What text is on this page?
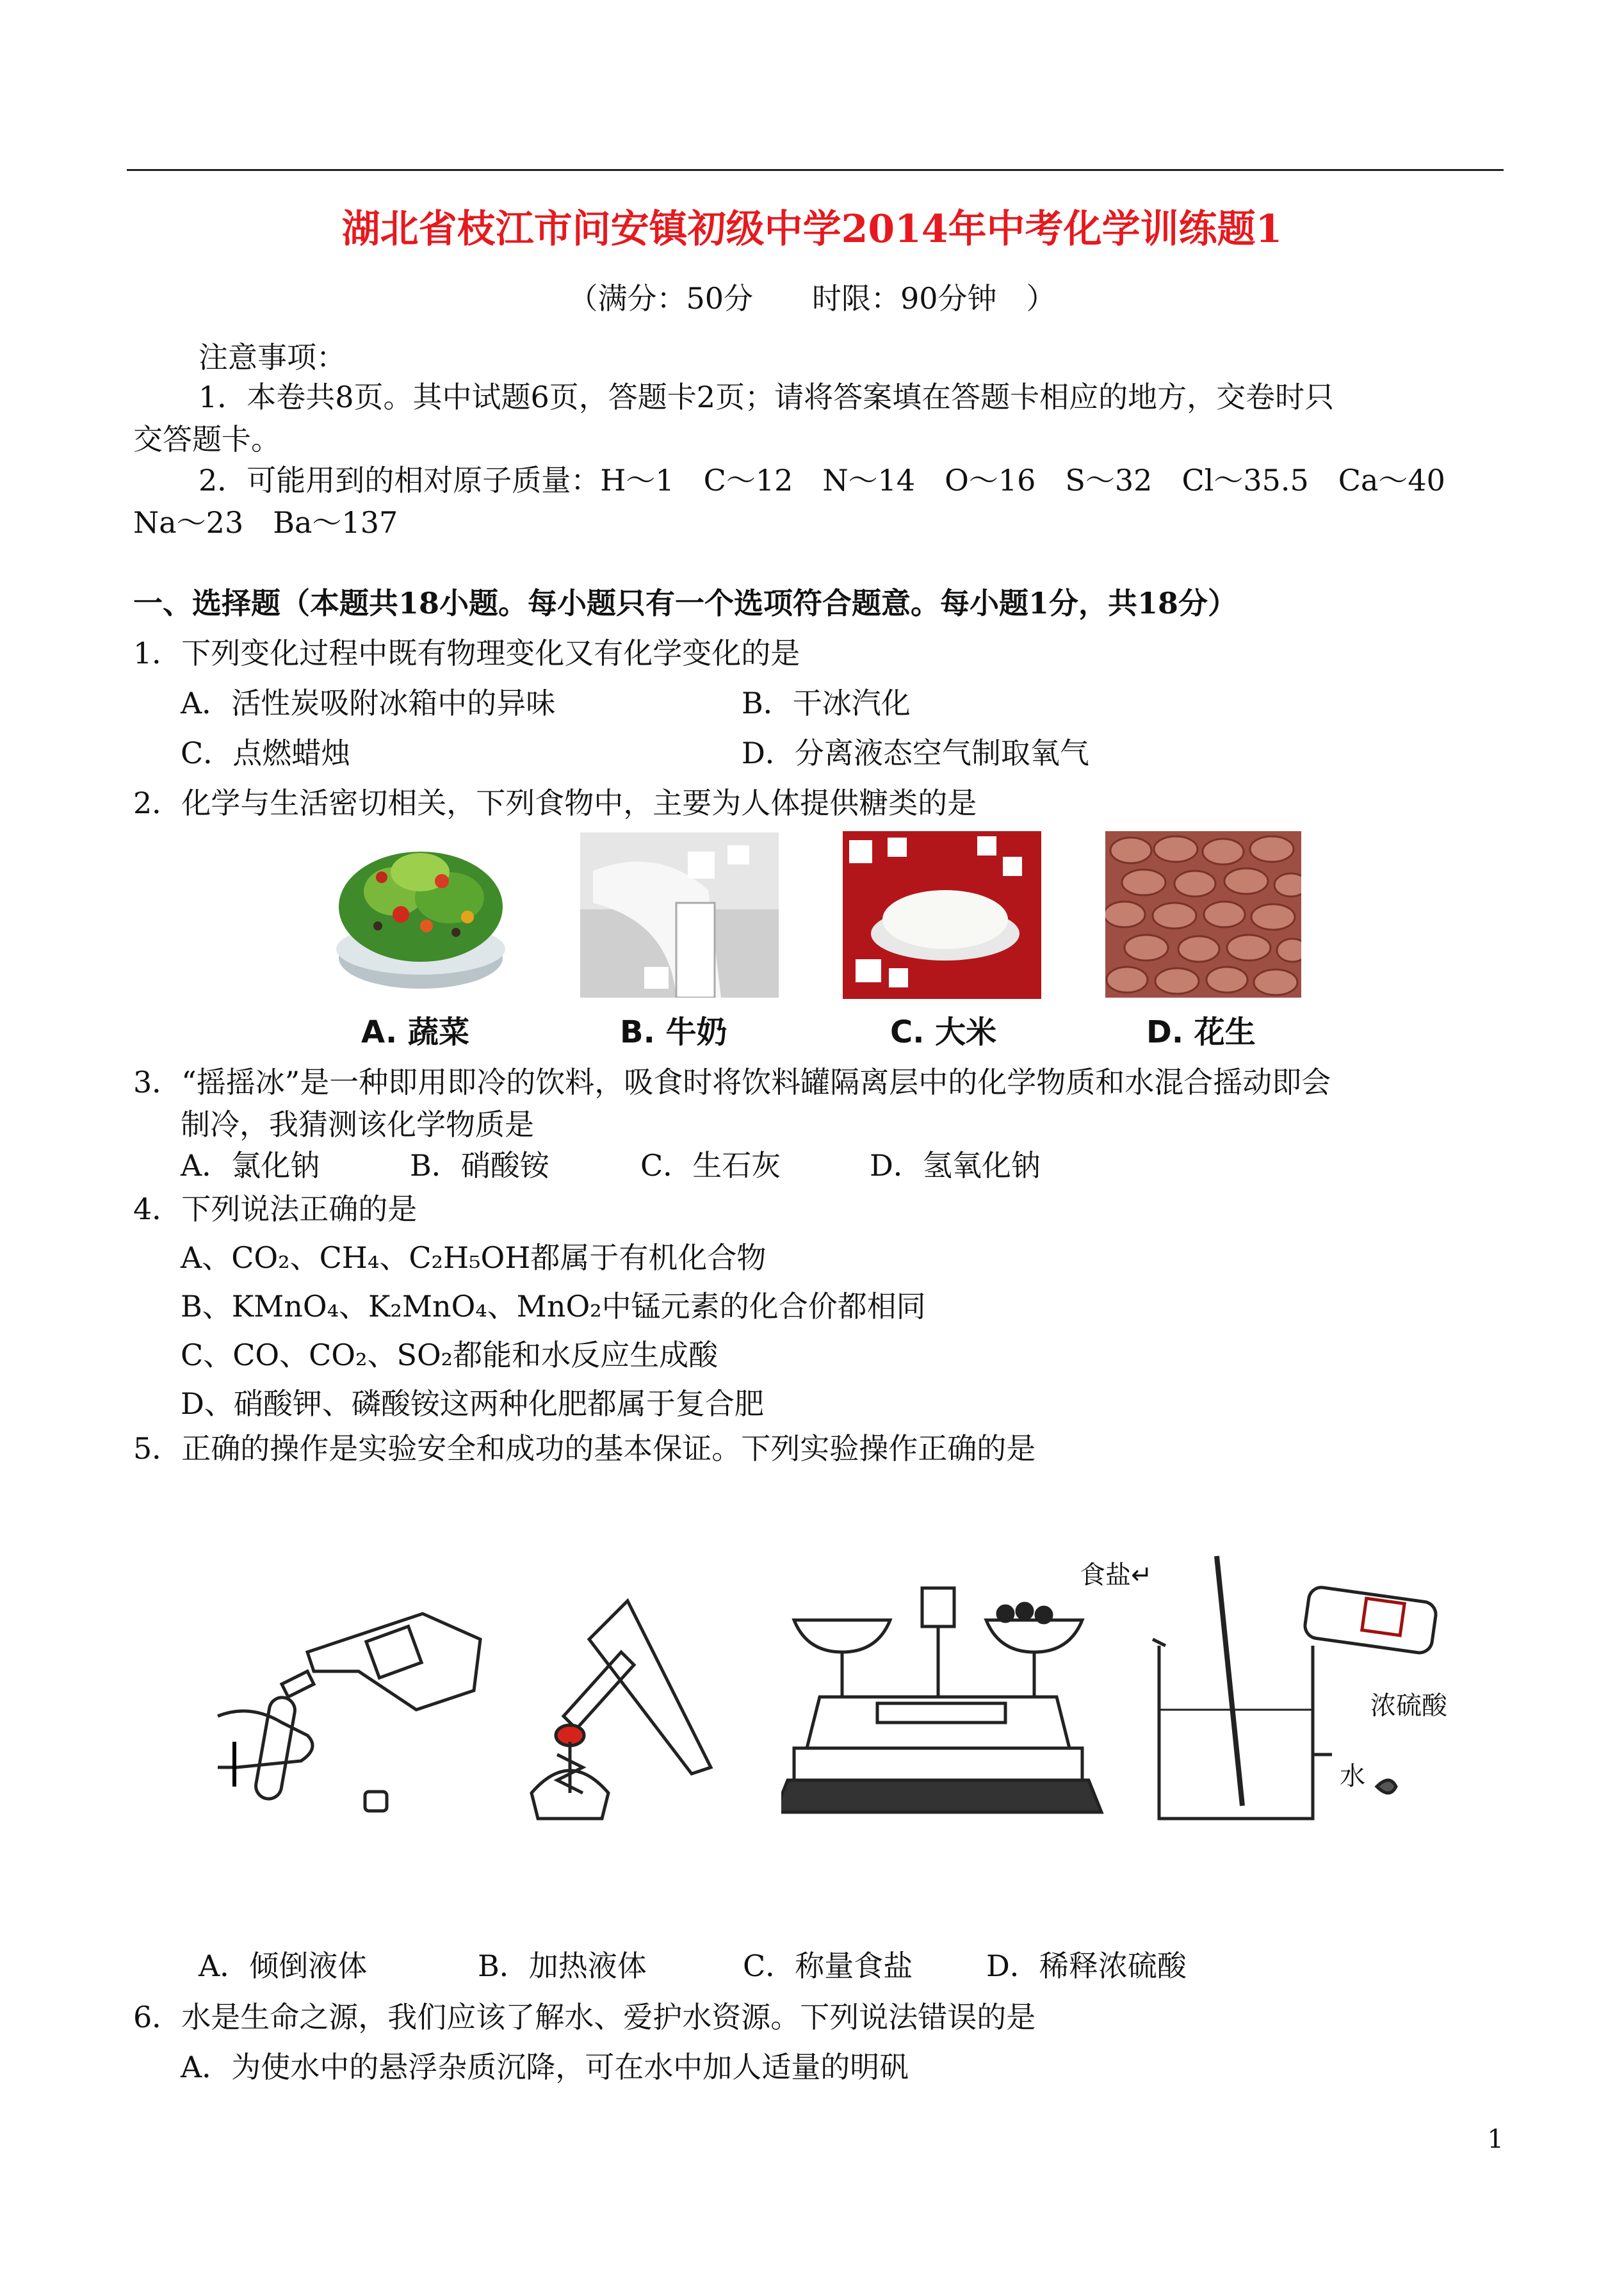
湖北省枝江市问安镇初级中学2014年中考化学训练题1
（满分：50分　　时限：90分钟　）
注意事项：
1．本卷共8页。其中试题6页，答题卡2页；请将答案填在答题卡相应的地方，交卷时只
交答题卡。
2．可能用到的相对原子质量：H～1　C～12　N～14　O～16　S～32　Cl～35.5　Ca～40
Na～23　Ba～137
一、选择题（本题共18小题。每小题只有一个选项符合题意。每小题1分，共18分）
1．下列变化过程中既有物理变化又有化学变化的是
A．活性炭吸附冰箱中的异味	B．干冰汽化
C．点燃蜡烛	D．分离液态空气制取氧气
2．化学与生活密切相关，下列食物中，主要为人体提供糖类的是
A. 蔬菜	B. 牛奶	C. 大米	D. 花生
3．“摇摇冰”是一种即用即冷的饮料，吸食时将饮料罐隔离层中的化学物质和水混合摇动即会
制冷，我猜测该化学物质是
A．氯化钠	B．硝酸铵	C．生石灰	D．氢氧化钠
4．下列说法正确的是
A、CO₂、CH₄、C₂H₅OH都属于有机化合物
B、KMnO₄、K₂MnO₄、MnO₂中锰元素的化合价都相同
C、CO、CO₂、SO₂都能和水反应生成酸
D、硝酸钾、磷酸铵这两种化肥都属于复合肥
5．正确的操作是实验安全和成功的基本保证。下列实验操作正确的是
食盐↵
浓硫酸
水
A．倾倒液体	B．加热液体	C．称量食盐 D．稀释浓硫酸
6．水是生命之源，我们应该了解水、爱护水资源。下列说法错误的是
A．为使水中的悬浮杂质沉降，可在水中加人适量的明矾
1
